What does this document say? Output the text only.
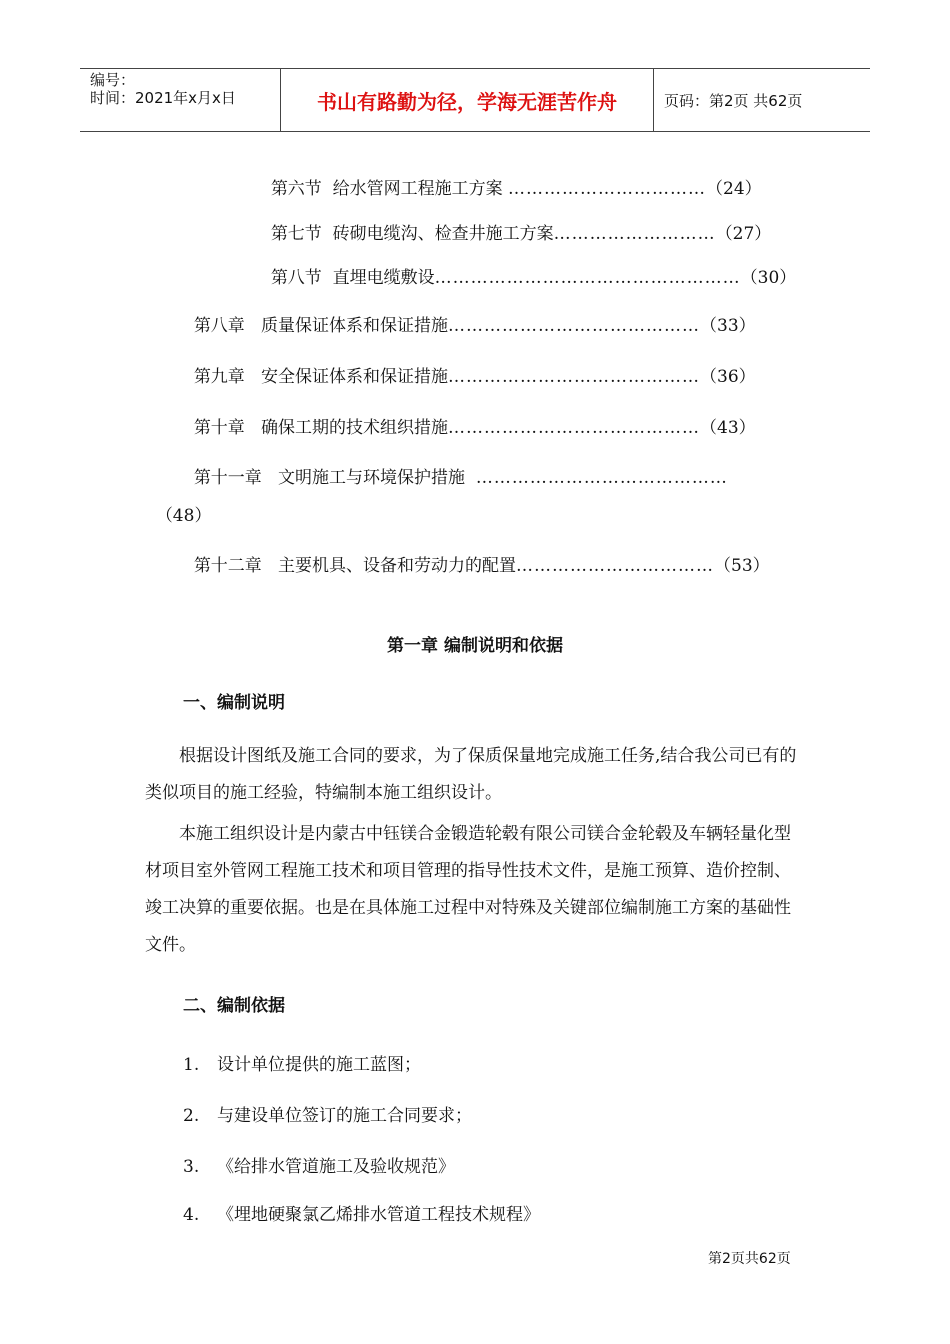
编号：
时间：2021年x月x日	书山有路勤为径，学海无涯苦作舟	页码：第2页 共62页

第六节  给水管网工程施工方案 ……………………………（24）

第七节  砖砌电缆沟、检查井施工方案………………………（27）

第八节  直埋电缆敷设……………………………………………（30）

第八章   质量保证体系和保证措施……………………………………（33）

第九章   安全保证体系和保证措施……………………………………（36）

第十章   确保工期的技术组织措施……………………………………（43）

第十一章   文明施工与环境保护措施  ……………………………………

（48）

第十二章   主要机具、设备和劳动力的配置……………………………（53）

第一章 编制说明和依据
一、编制说明
　　根据设计图纸及施工合同的要求，为了保质保量地完成施工任务,结合我公司已有的类似项目的施工经验，特编制本施工组织设计。
　　本施工组织设计是内蒙古中钰镁合金锻造轮毂有限公司镁合金轮毂及车辆轻量化型材项目室外管网工程施工技术和项目管理的指导性技术文件，是施工预算、造价控制、竣工决算的重要依据。也是在具体施工过程中对特殊及关键部位编制施工方案的基础性文件。
二、编制依据
1. 设计单位提供的施工蓝图；
2. 与建设单位签订的施工合同要求；
3. 《给排水管道施工及验收规范》
4. 《埋地硬聚氯乙烯排水管道工程技术规程》
第2页共62页
